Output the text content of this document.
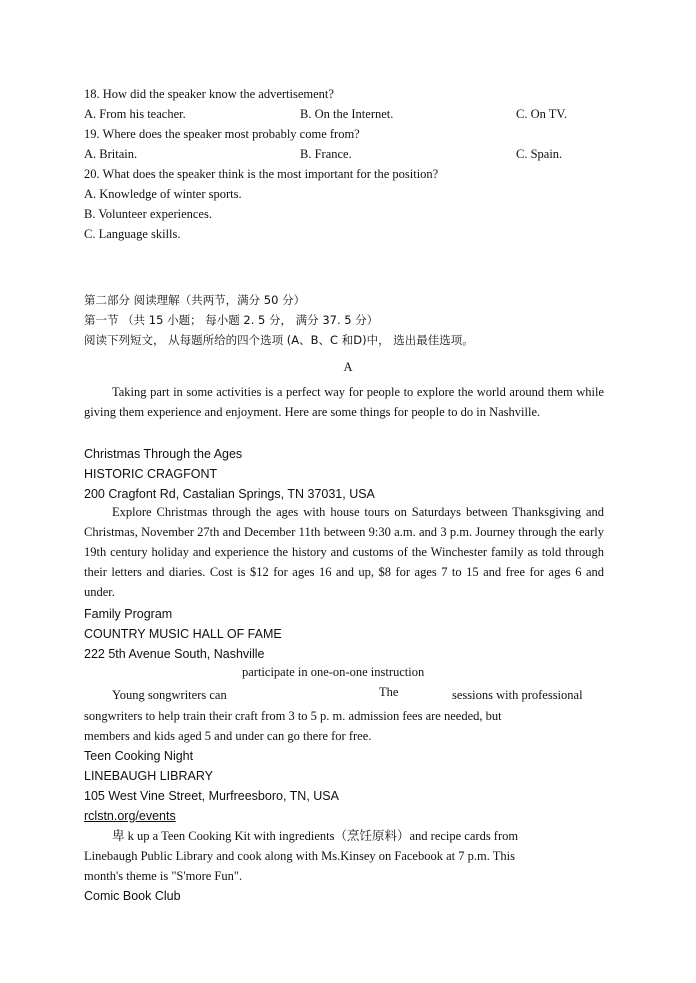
18. How did the speaker know the advertisement?
A. From his teacher.	B. On the Internet.	C. On TV.
19. Where does the speaker most probably come from?
A. Britain.	B. France.	C. Spain.
20. What does the speaker think is the most important for the position?
A. Knowledge of winter sports.
B. Volunteer experiences.
C. Language skills.
第二部分 阅读理解（共两节，满分 50 分）
第一节 （共 15 小题； 每小题 2. 5 分， 满分 37. 5 分）
阅读下列短文， 从每题所给的四个选项 (A、B、C 和D)中， 选出最佳选项。
A
Taking part in some activities is a perfect way for people to explore the world around them while giving them experience and enjoyment. Here are some things for people to do in Nashville.
Christmas Through the Ages
HISTORIC CRAGFONT
200 Cragfont Rd, Castalian Springs, TN 37031, USA
Explore Christmas through the ages with house tours on Saturdays between Thanksgiving and Christmas, November 27th and December 11th between 9:30 a.m. and 3 p.m. Journey through the early 19th century holiday and experience the history and customs of the Winchester family as told through their letters and diaries. Cost is $12 for ages 16 and up, $8 for ages 7 to 15 and free for ages 6 and under.
Family Program
COUNTRY MUSIC HALL OF FAME
222 5th Avenue South, Nashville
participate in one-on-one instruction
Young songwriters can	The	sessions with professional
songwriters to help train their craft from 3 to 5 p. m. admission fees are needed, but
members and kids aged 5 and under can go there for free.
Teen Cooking Night
LINEBAUGH LIBRARY
105 West Vine Street, Murfreesboro, TN, USA
rclstn.org/events
卑 k up a Teen Cooking Kit with ingredients（烹饪原料）and recipe cards from
Linebaugh Public Library and cook along with Ms.Kinsey on Facebook at 7 p.m. This
month's theme is "S'more Fun".
Comic Book Club
